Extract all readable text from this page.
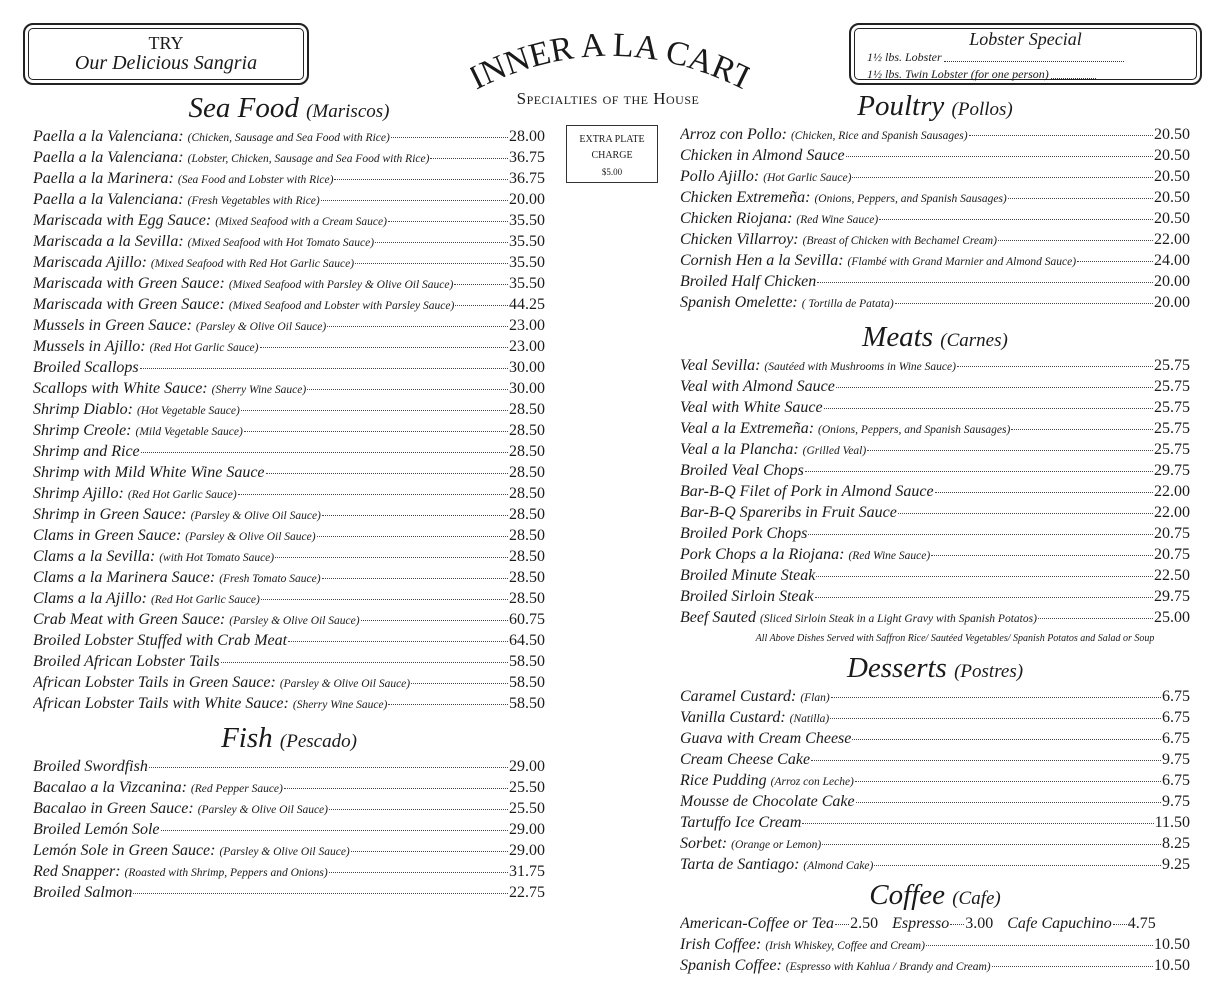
TRY
Our Delicious Sangria	NNER A LA CAR
Specialties of the House
EXTRA PLATE
CHARGE
$5.00
Lobster Special
1½ lbs. Lobster
1½ lbs. Twin Lobster (for one person)
Sea Food (Mariscos)
Paella a la Valenciana: (Chicken, Sausage and Sea Food with Rice)	28.00
Paella a la Valenciana: (Lobster, Chicken, Sausage and Sea Food with Rice)	36.75
Paella a la Marinera: (Sea Food and Lobster with Rice)	36.75
Paella a la Valenciana: (Fresh Vegetables with Rice)	20.00
Mariscada with Egg Sauce: (Mixed Seafood with a Cream Sauce)	35.50
Mariscada a la Sevilla: (Mixed Seafood with Hot Tomato Sauce)	35.50
Mariscada Ajillo: (Mixed Seafood with Red Hot Garlic Sauce)	35.50
Mariscada with Green Sauce: (Mixed Seafood with Parsley & Olive Oil Sauce)	35.50
Mariscada with Green Sauce: (Mixed Seafood and Lobster with Parsley Sauce)	44.25
Mussels in Green Sauce: (Parsley & Olive Oil Sauce)	23.00
Mussels in Ajillo: (Red Hot Garlic Sauce)	23.00
Broiled Scallops	30.00
Scallops with White Sauce: (Sherry Wine Sauce)	30.00
Shrimp Diablo: (Hot Vegetable Sauce)	28.50
Shrimp Creole: (Mild Vegetable Sauce)	28.50
Shrimp and Rice	28.50
Shrimp with Mild White Wine Sauce	28.50
Shrimp Ajillo: (Red Hot Garlic Sauce)	28.50
Shrimp in Green Sauce: (Parsley & Olive Oil Sauce)	28.50
Clams in Green Sauce: (Parsley & Olive Oil Sauce)	28.50
Clams a la Sevilla: (with Hot Tomato Sauce)	28.50
Clams a la Marinera Sauce: (Fresh Tomato Sauce)	28.50
Clams a la Ajillo: (Red Hot Garlic Sauce)	28.50
Crab Meat with Green Sauce: (Parsley & Olive Oil Sauce)	60.75
Broiled Lobster Stuffed with Crab Meat	64.50
Broiled African Lobster Tails	58.50
African Lobster Tails in Green Sauce: (Parsley & Olive Oil Sauce)	58.50
African Lobster Tails with White Sauce: (Sherry Wine Sauce)	58.50
Fish (Pescado)
Broiled Swordfish	29.00
Bacalao a la Vizcanina: (Red Pepper Sauce)	25.50
Bacalao in Green Sauce: (Parsley & Olive Oil Sauce)	25.50
Broiled Lemón Sole	29.00
Lemón Sole in Green Sauce: (Parsley & Olive Oil Sauce)	29.00
Red Snapper: (Roasted with Shrimp, Peppers and Onions)	31.75
Broiled Salmon	22.75
Poultry (Pollos)
Arroz con Pollo: (Chicken, Rice and Spanish Sausages)	20.50
Chicken in Almond Sauce	20.50
Pollo Ajillo: (Hot Garlic Sauce)	20.50
Chicken Extremeña: (Onions, Peppers, and Spanish Sausages)	20.50
Chicken Riojana: (Red Wine Sauce)	20.50
Chicken Villarroy: (Breast of Chicken with Bechamel Cream)	22.00
Cornish Hen a la Sevilla: (Flambé with Grand Marnier and Almond Sauce)	24.00
Broiled Half Chicken	20.00
Spanish Omelette: ( Tortilla de Patata)	20.00
Meats (Carnes)
Veal Sevilla: (Sautéed with Mushrooms in Wine Sauce)	25.75
Veal with Almond Sauce	25.75
Veal with White Sauce	25.75
Veal a la Extremeña: (Onions, Peppers, and Spanish Sausages)	25.75
Veal a la Plancha: (Grilled Veal)	25.75
Broiled Veal Chops	29.75
Bar-B-Q Filet of Pork in Almond Sauce	22.00
Bar-B-Q Spareribs in Fruit Sauce	22.00
Broiled Pork Chops	20.75
Pork Chops a la Riojana: (Red Wine Sauce)	20.75
Broiled Minute Steak	22.50
Broiled Sirloin Steak	29.75
Beef Sauted (Sliced Sirloin Steak in a Light Gravy with Spanish Potatos)	25.00
All Above Dishes Served with Saffron Rice/ Sautéed Vegetables/ Spanish Potatos and Salad or Soup
Desserts (Postres)
Caramel Custard: (Flan)	6.75
Vanilla Custard: (Natilla)	6.75
Guava with Cream Cheese	6.75
Cream Cheese Cake	9.75
Rice Pudding (Arroz con Leche)	6.75
Mousse de Chocolate Cake	9.75
Tartuffo Ice Cream	11.50
Sorbet: (Orange or Lemon)	8.25
Tarta de Santiago: (Almond Cake)	9.25
Coffee (Cafe)
American-Coffee or Tea 2.50 Espresso 3.00 Cafe Capuchino 4.75
Irish Coffee: (Irish Whiskey, Coffee and Cream)	10.50
Spanish Coffee: (Espresso with Kahlua / Brandy and Cream)	10.50
